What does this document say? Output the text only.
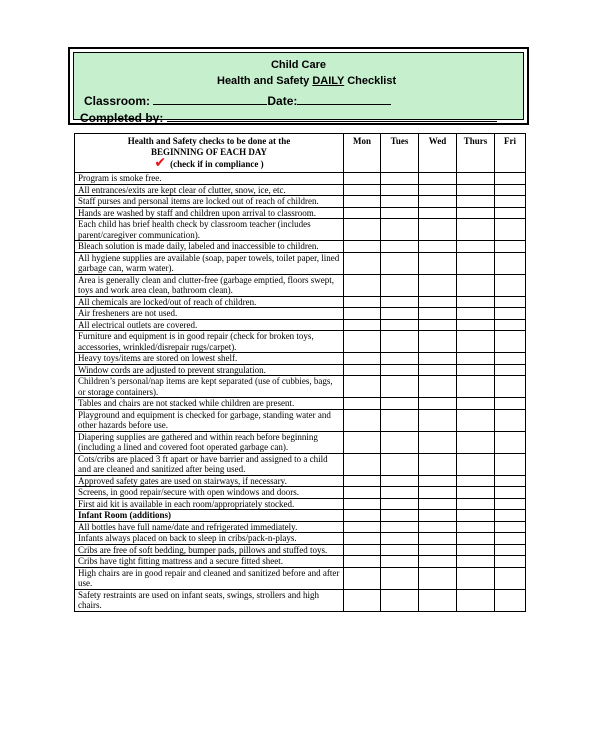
Child Care
Health and Safety DAILY Checklist
Classroom:	Date:
Completed by:
Health and Safety checks to be done at the
BEGINNING OF EACH DAY
✔ (check if in compliance )	Mon	Tues	Wed	Thurs	Fri
Program is smoke free.					
All entrances/exits are kept clear of clutter, snow, ice, etc.					
Staff purses and personal items are locked out of reach of children.					
Hands are washed by staff and children upon arrival to classroom.					
Each child has brief health check by classroom teacher (includes parent/caregiver communication).					
Bleach solution is made daily, labeled and inaccessible to children.					
All hygiene supplies are available (soap, paper towels, toilet paper, lined garbage can, warm water).					
Area is generally clean and clutter-free (garbage emptied, floors swept, toys and work area clean, bathroom clean).					
All chemicals are locked/out of reach of children.					
Air fresheners are not used.					
All electrical outlets are covered.					
Furniture and equipment is in good repair (check for broken toys, accessories, wrinkled/disrepair rugs/carpet).					
Heavy toys/items are stored on lowest shelf.					
Window cords are adjusted to prevent strangulation.					
Children’s personal/nap items are kept separated (use of cubbies, bags, or storage containers).					
Tables and chairs are not stacked while children are present.					
Playground and equipment is checked for garbage, standing water and other hazards before use.					
Diapering supplies are gathered and within reach before beginning (including a lined and covered foot operated garbage can).					
Cots/cribs are placed 3 ft apart or have barrier and assigned to a child and are cleaned and sanitized after being used.					
Approved safety gates are used on stairways, if necessary.					
Screens, in good repair/secure with open windows and doors.					
First aid kit is available in each room/appropriately stocked.					
Infant Room (additions)					
All bottles have full name/date and refrigerated immediately.					
Infants always placed on back to sleep in cribs/pack-n-plays.					
Cribs are free of soft bedding, bumper pads, pillows and stuffed toys.					
Cribs have tight fitting mattress and a secure fitted sheet.					
High chairs are in good repair and cleaned and sanitized before and after use.					
Safety restraints are used on infant seats, swings, strollers and high chairs.					
